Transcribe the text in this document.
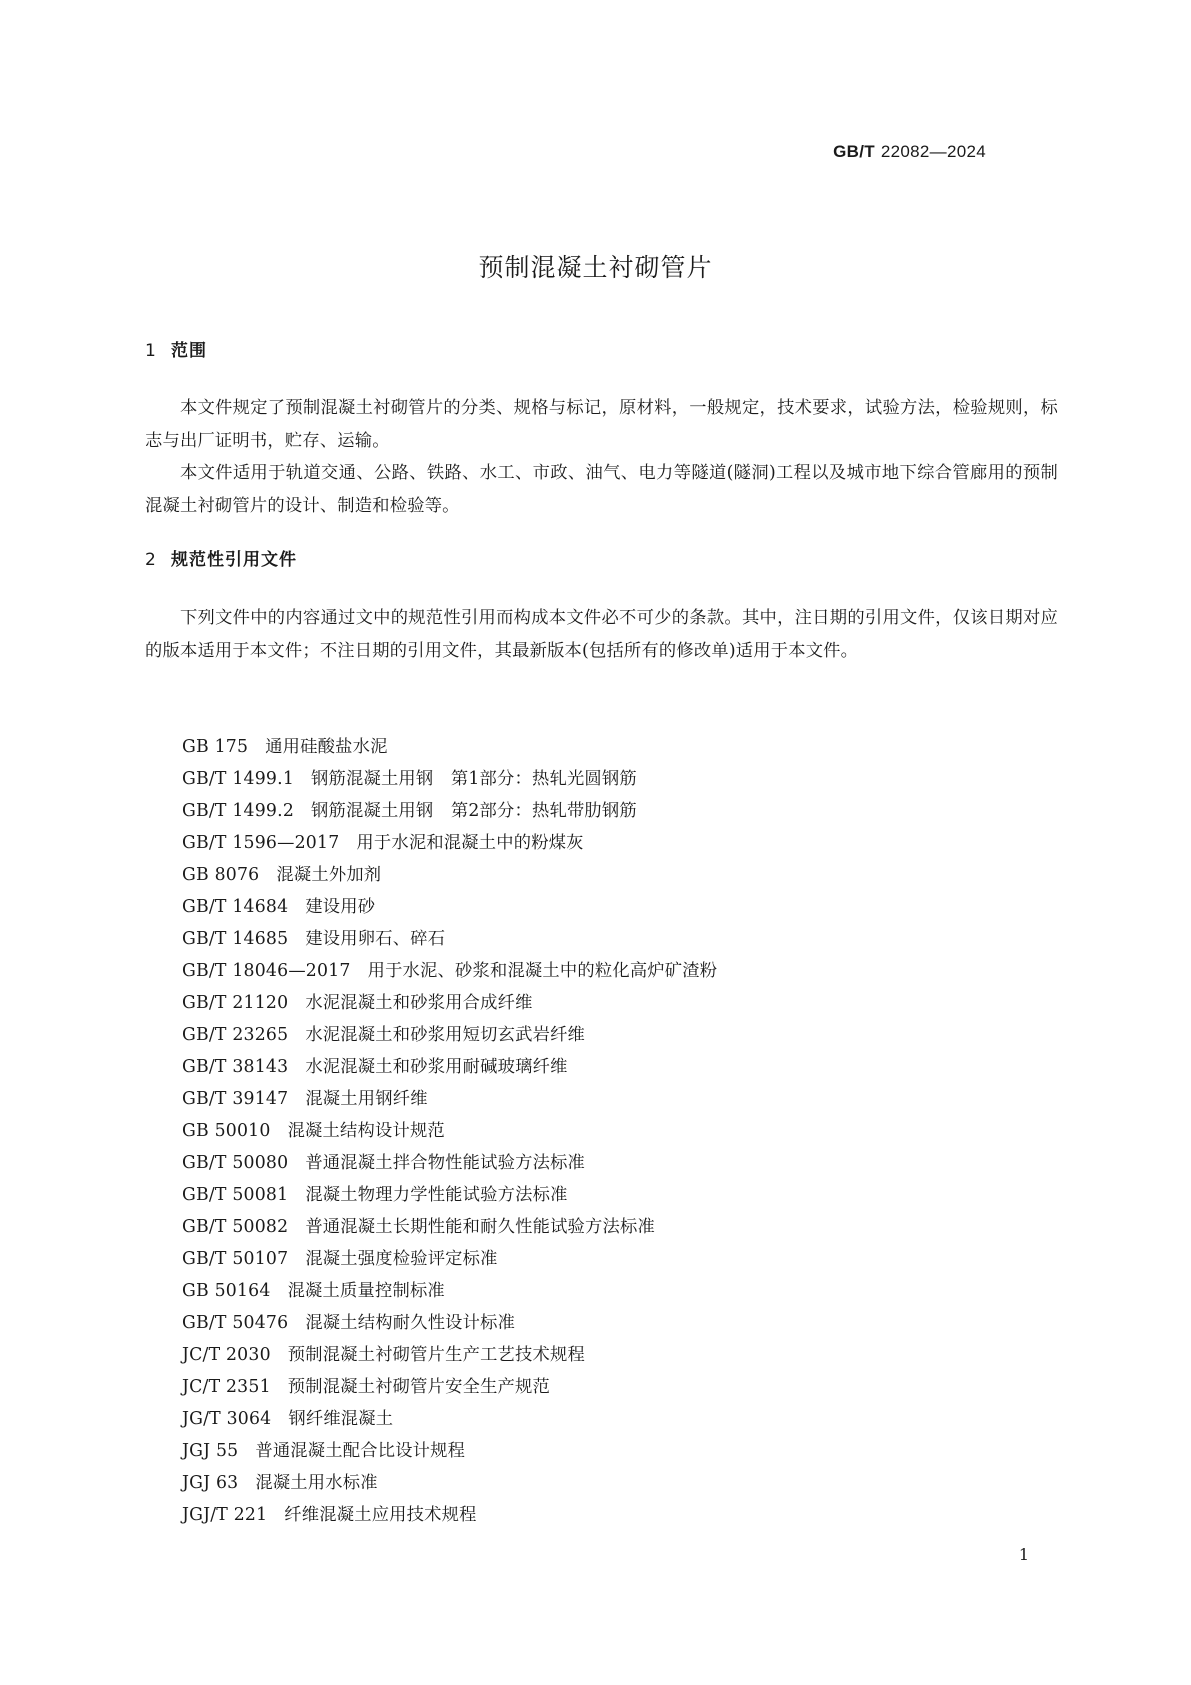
GB/T 22082—2024
预制混凝土衬砌管片
1 范围

本文件规定了预制混凝土衬砌管片的分类、规格与标记，原材料，一般规定，技术要求，试验方法，检验规则，标志与出厂证明书，贮存、运输。

本文件适用于轨道交通、公路、铁路、水工、市政、油气、电力等隧道(隧洞)工程以及城市地下综合管廊用的预制混凝土衬砌管片的设计、制造和检验等。

2 规范性引用文件

下列文件中的内容通过文中的规范性引用而构成本文件必不可少的条款。其中，注日期的引用文件，仅该日期对应的版本适用于本文件；不注日期的引用文件，其最新版本(包括所有的修改单)适用于本文件。

GB 175 通用硅酸盐水泥
GB/T 1499.1 钢筋混凝土用钢　第1部分：热轧光圆钢筋
GB/T 1499.2 钢筋混凝土用钢　第2部分：热轧带肋钢筋
GB/T 1596—2017 用于水泥和混凝土中的粉煤灰
GB 8076 混凝土外加剂
GB/T 14684 建设用砂
GB/T 14685 建设用卵石、碎石
GB/T 18046—2017 用于水泥、砂浆和混凝土中的粒化高炉矿渣粉
GB/T 21120 水泥混凝土和砂浆用合成纤维
GB/T 23265 水泥混凝土和砂浆用短切玄武岩纤维
GB/T 38143 水泥混凝土和砂浆用耐碱玻璃纤维
GB/T 39147 混凝土用钢纤维
GB 50010 混凝土结构设计规范
GB/T 50080 普通混凝土拌合物性能试验方法标准
GB/T 50081 混凝土物理力学性能试验方法标准
GB/T 50082 普通混凝土长期性能和耐久性能试验方法标准
GB/T 50107 混凝土强度检验评定标准
GB 50164 混凝土质量控制标准
GB/T 50476 混凝土结构耐久性设计标准
JC/T 2030 预制混凝土衬砌管片生产工艺技术规程
JC/T 2351 预制混凝土衬砌管片安全生产规范
JG/T 3064 钢纤维混凝土
JGJ 55 普通混凝土配合比设计规程
JGJ 63 混凝土用水标准
JGJ/T 221 纤维混凝土应用技术规程
1
